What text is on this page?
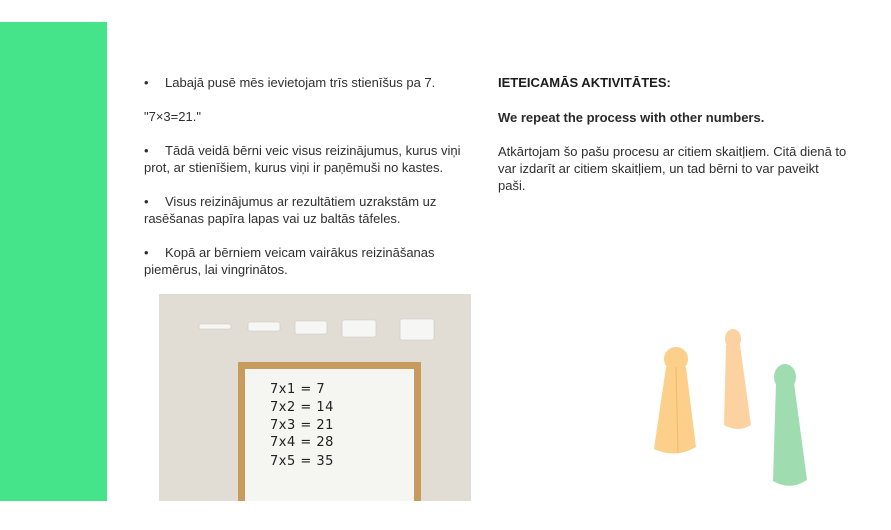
• Labajā pusē mēs ievietojam trīs stienīšus pa 7.

"7×3=21."

• Tādā veidā bērni veic visus reizinājumus, kurus viņi prot, ar stienīšiem, kurus viņi ir paņēmuši no kastes.

• Visus reizinājumus ar rezultātiem uzrakstām uz rasēšanas papīra lapas vai uz baltās tāfeles.

• Kopā ar bērniem veicam vairākus reizināšanas piemērus, lai vingrinātos.

IETEICAMĀS AKTIVITĀTES:
We repeat the process with other numbers.

Atkārtojam šo pašu procesu ar citiem skaitļiem. Citā dienā to var izdarīt ar citiem skaitļiem, un tad bērni to var paveikt paši.

7x1 = 7
7x2 = 14
7x3 = 21
7x4 = 28
7x5 = 35
